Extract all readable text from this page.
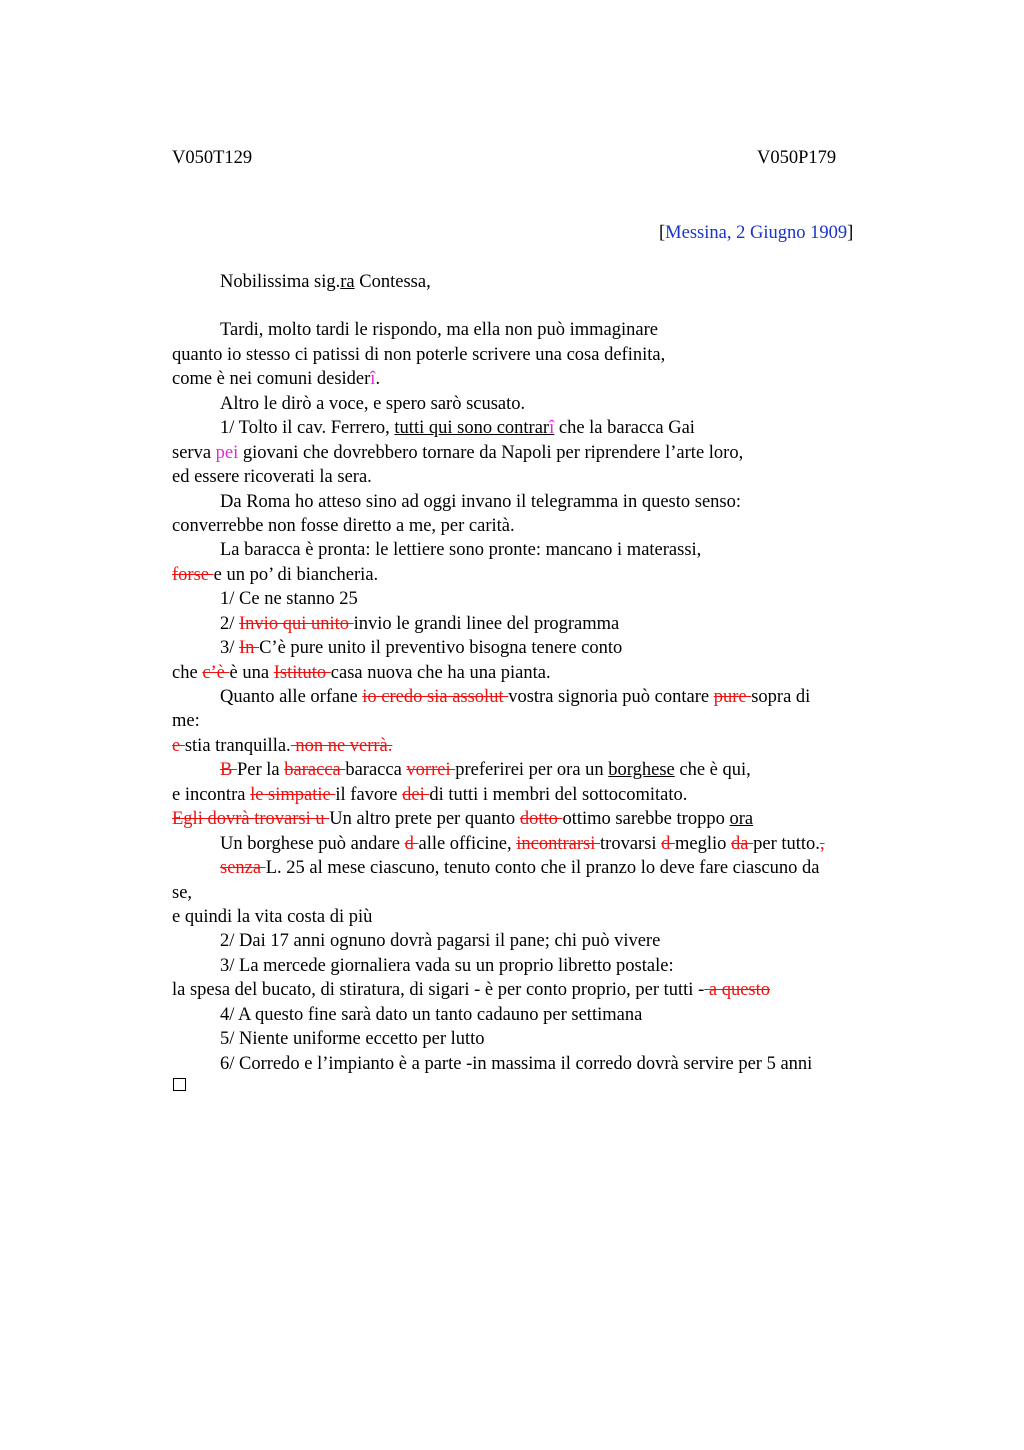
V050T129	V050P179
[Messina, 2 Giugno 1909]
Nobilissima sig.ra Contessa,
Tardi, molto tardi le rispondo, ma ella non può immaginare
quanto io stesso ci patissi di non poterle scrivere una cosa definita,
come è nei comuni desiderî.
Altro le dirò a voce, e spero sarò scusato.
1/ Tolto il cav. Ferrero, tutti qui sono contrarî che la baracca Gai
serva pei giovani che dovrebbero tornare da Napoli per riprendere l’arte loro,
ed essere ricoverati la sera.
Da Roma ho atteso sino ad oggi invano il telegramma in questo senso:
converrebbe non fosse diretto a me, per carità.
La baracca è pronta: le lettiere sono pronte: mancano i materassi,
forse e un po’ di biancheria.
1/ Ce ne stanno 25
2/ Invio qui unito invio le grandi linee del programma
3/ In C’è pure unito il preventivo bisogna tenere conto
che c’è è una Istituto casa nuova che ha una pianta.
Quanto alle orfane io credo sia assolut vostra signoria può contare pure sopra di
me:
e stia tranquilla. non ne verrà.
B Per la baracca baracca vorrei preferirei per ora un borghese che è qui,
e incontra le simpatie il favore dei di tutti i membri del sottocomitato.
Egli dovrà trovarsi u Un altro prete per quanto dotto ottimo sarebbe troppo ora
Un borghese può andare d alle officine, incontrarsi trovarsi d meglio da per tutto.,
senza L. 25 al mese ciascuno, tenuto conto che il pranzo lo deve fare ciascuno da
se,
e quindi la vita costa di più
2/ Dai 17 anni ognuno dovrà pagarsi il pane; chi può vivere
3/ La mercede giornaliera vada su un proprio libretto postale:
la spesa del bucato, di stiratura, di sigari - è per conto proprio, per tutti - a questo
4/ A questo fine sarà dato un tanto cadauno per settimana
5/ Niente uniforme eccetto per lutto
6/ Corredo e l’impianto è a parte -in massima il corredo dovrà servire per 5 anni
